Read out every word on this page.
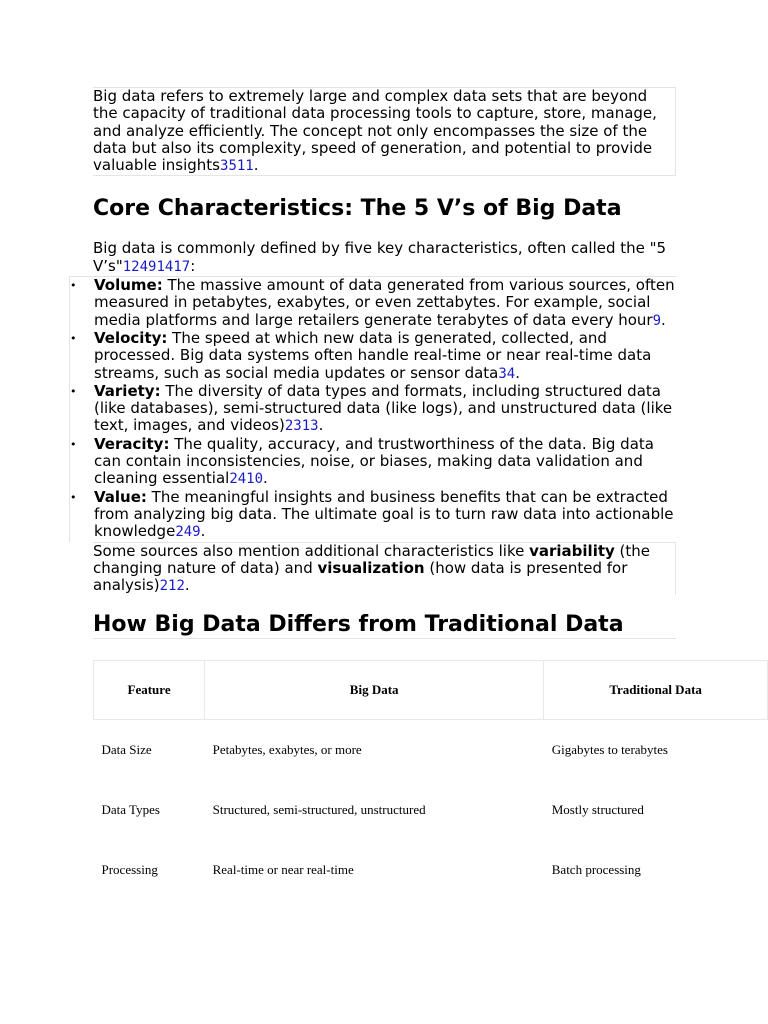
Big data refers to extremely large and complex data sets that are beyond the capacity of traditional data processing tools to capture, store, manage, and analyze efficiently. The concept not only encompasses the size of the data but also its complexity, speed of generation, and potential to provide valuable insights3511.

Core Characteristics: The 5 V’s of Big Data

Big data is commonly defined by five key characteristics, often called the "5 V’s"12491417:

• Volume: The massive amount of data generated from various sources, often measured in petabytes, exabytes, or even zettabytes. For example, social media platforms and large retailers generate terabytes of data every hour9.
• Velocity: The speed at which new data is generated, collected, and processed. Big data systems often handle real-time or near real-time data streams, such as social media updates or sensor data34.
• Variety: The diversity of data types and formats, including structured data (like databases), semi-structured data (like logs), and unstructured data (like text, images, and videos)2313.
• Veracity: The quality, accuracy, and trustworthiness of the data. Big data can contain inconsistencies, noise, or biases, making data validation and cleaning essential2410.
• Value: The meaningful insights and business benefits that can be extracted from analyzing big data. The ultimate goal is to turn raw data into actionable knowledge249.

Some sources also mention additional characteristics like variability (the changing nature of data) and visualization (how data is presented for analysis)212.

How Big Data Differs from Traditional Data
Feature	Big Data	Traditional Data
Data Size	Petabytes, exabytes, or more	Gigabytes to terabytes
Data Types	Structured, semi-structured, unstructured	Mostly structured
Processing	Real-time or near real-time	Batch processing
